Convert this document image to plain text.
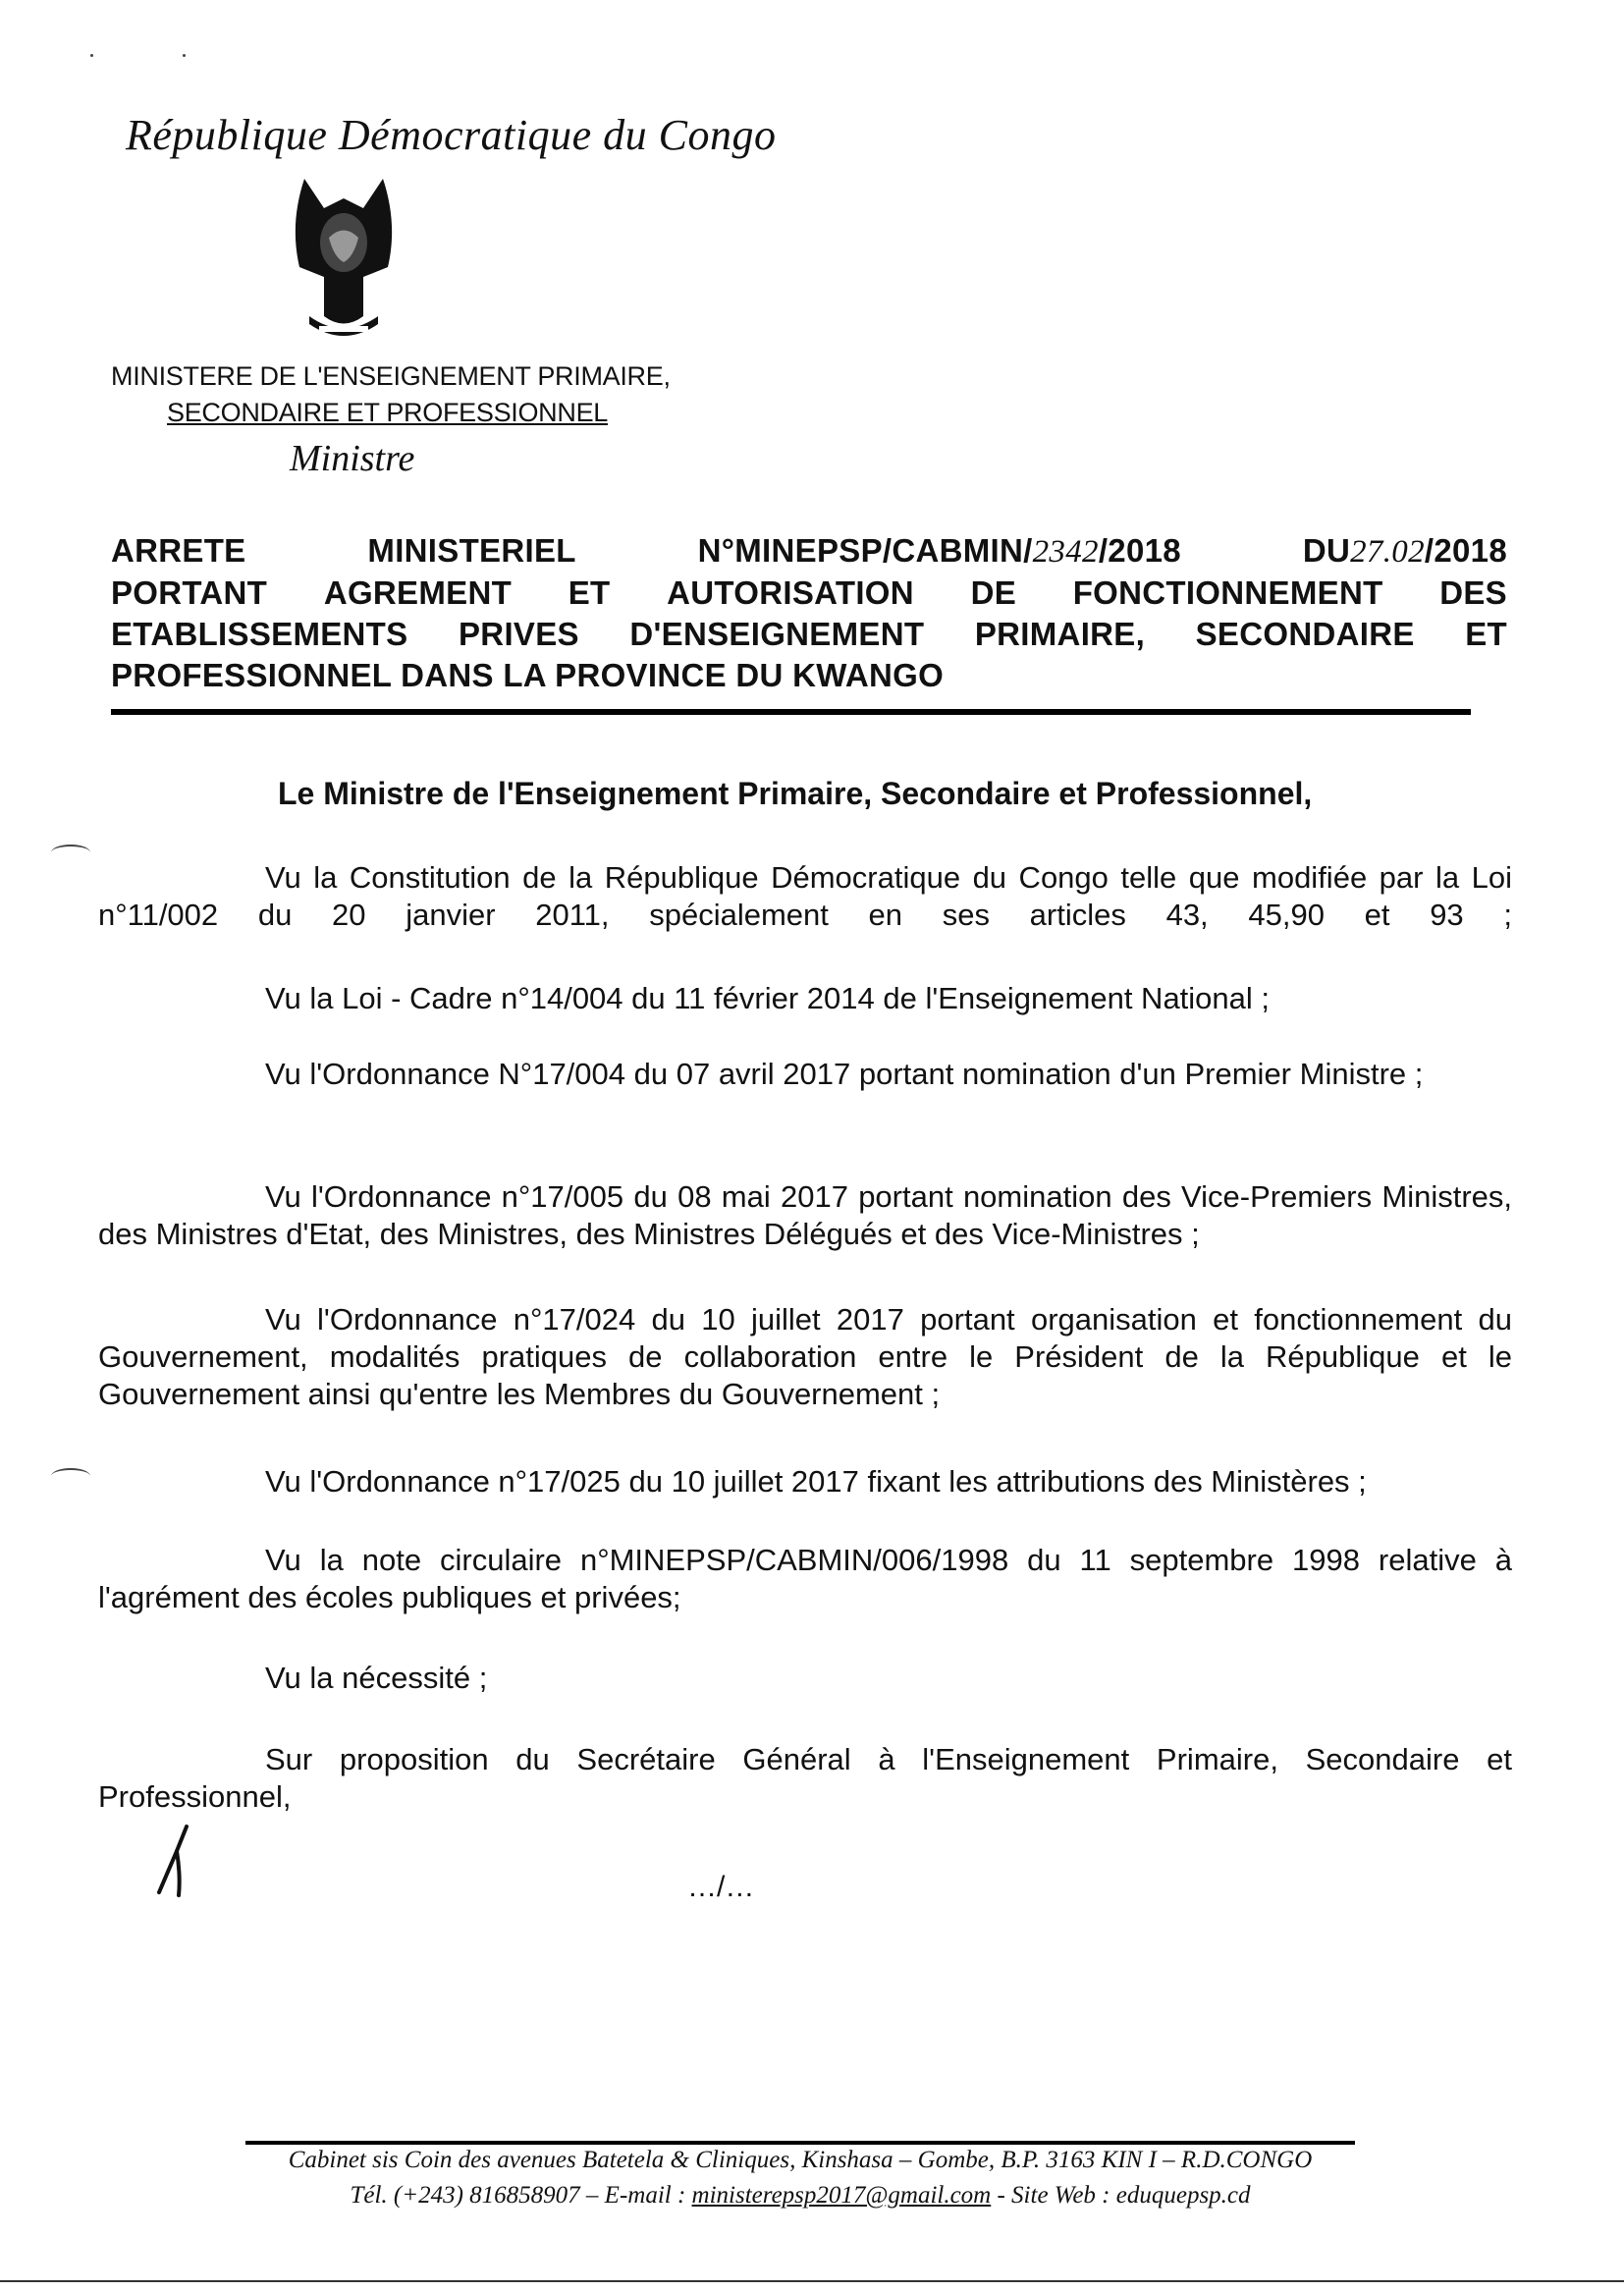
République Démocratique du Congo
MINISTERE DE L'ENSEIGNEMENT PRIMAIRE,
SECONDAIRE ET PROFESSIONNEL
Ministre
ARRETE	MINISTERIEL	N°MINEPSP/CABMIN/2342/2018	DU27.02/2018
PORTANT AGREMENT ET AUTORISATION DE FONCTIONNEMENT DES
ETABLISSEMENTS PRIVES D'ENSEIGNEMENT PRIMAIRE, SECONDAIRE ET
PROFESSIONNEL DANS LA PROVINCE DU KWANGO
Le Ministre de l'Enseignement Primaire, Secondaire et Professionnel,
Vu la Constitution de la République Démocratique du Congo telle que modifiée par la Loi n°11/002 du 20 janvier 2011, spécialement en ses articles 43, 45,90 et 93 ;
Vu la Loi - Cadre n°14/004 du 11 février 2014 de l'Enseignement National ;
Vu l'Ordonnance N°17/004 du 07 avril 2017 portant nomination d'un Premier Ministre ;
Vu l'Ordonnance n°17/005 du 08 mai 2017 portant nomination des Vice-Premiers Ministres, des Ministres d'Etat, des Ministres, des Ministres Délégués et des Vice-Ministres ;
Vu l'Ordonnance n°17/024 du 10 juillet 2017 portant organisation et fonctionnement du Gouvernement, modalités pratiques de collaboration entre le Président de la République et le Gouvernement ainsi qu'entre les Membres du Gouvernement ;
Vu l'Ordonnance n°17/025 du 10 juillet 2017 fixant les attributions des Ministères ;
Vu la note circulaire n°MINEPSP/CABMIN/006/1998 du 11 septembre 1998 relative à l'agrément des écoles publiques et privées;
Vu la nécessité ;
Sur proposition du Secrétaire Général à l'Enseignement Primaire, Secondaire et Professionnel,
…/…
Cabinet sis Coin des avenues Batetela & Cliniques, Kinshasa – Gombe, B.P. 3163 KIN I – R.D.CONGO
Tél. (+243) 816858907 – E-mail : ministerepsp2017@gmail.com - Site Web : eduquepsp.cd
